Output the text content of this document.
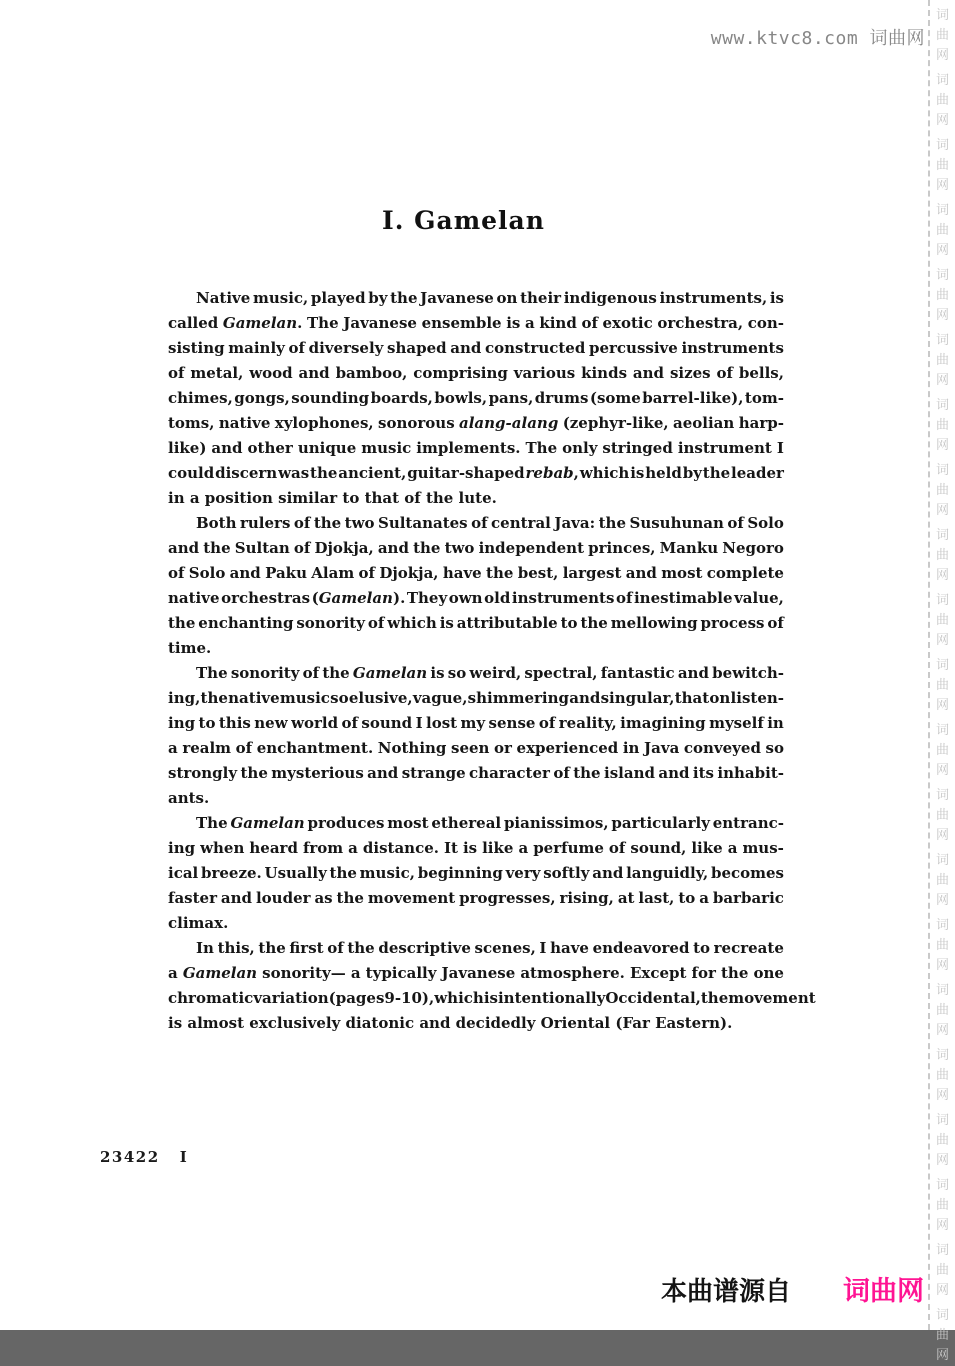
www.ktvc8.com 词曲网
词
曲
网
词
曲
网
词
曲
网
词
曲
网
词
曲
网
词
曲
网
词
曲
网
词
曲
网
词
曲
网
词
曲
网
词
曲
网
词
曲
网
词
曲
网
词
曲
网
词
曲
网
词
曲
网
词
曲
网
词
曲
网
词
曲
网
词
曲
网
词
曲
网
I. Gamelan
Native music, played by the Javanese on their indigenous instruments, is
called Gamelan. The Javanese ensemble is a kind of exotic orchestra, con-
sisting mainly of diversely shaped and constructed percussive instruments
of metal, wood and bamboo, comprising various kinds and sizes of bells,
chimes, gongs, sounding boards, bowls, pans, drums (some barrel-like), tom-
toms, native xylophones, sonorous alang-alang (zephyr-like, aeolian harp-
like) and other unique music implements. The only stringed instrument I
could discern was the ancient, guitar-shaped rebab, which is held by the leader
in a position similar to that of the lute.
Both rulers of the two Sultanates of central Java: the Susuhunan of Solo
and the Sultan of Djokja, and the two independent princes, Manku Negoro
of Solo and Paku Alam of Djokja, have the best, largest and most complete
native orchestras (Gamelan). They own old instruments of inestimable value,
the enchanting sonority of which is attributable to the mellowing process of
time.
The sonority of the Gamelan is so weird, spectral, fantastic and bewitch-
ing, the native music so elusive, vague, shimmering and singular, that on listen-
ing to this new world of sound I lost my sense of reality, imagining myself in
a realm of enchantment. Nothing seen or experienced in Java conveyed so
strongly the mysterious and strange character of the island and its inhabit-
ants.
The Gamelan produces most ethereal pianissimos, particularly entranc-
ing when heard from a distance. It is like a perfume of sound, like a mus-
ical breeze. Usually the music, beginning very softly and languidly, becomes
faster and louder as the movement progresses, rising, at last, to a barbaric
climax.
In this, the first of the descriptive scenes, I have endeavored to recreate
a Gamelan sonority— a typically Javanese atmosphere. Except for the one
chromatic variation (pages 9-10), which is intentionally Occidental, the movement
is almost exclusively diatonic and decidedly Oriental (Far Eastern).
23422 I
本曲谱源自 词曲网
